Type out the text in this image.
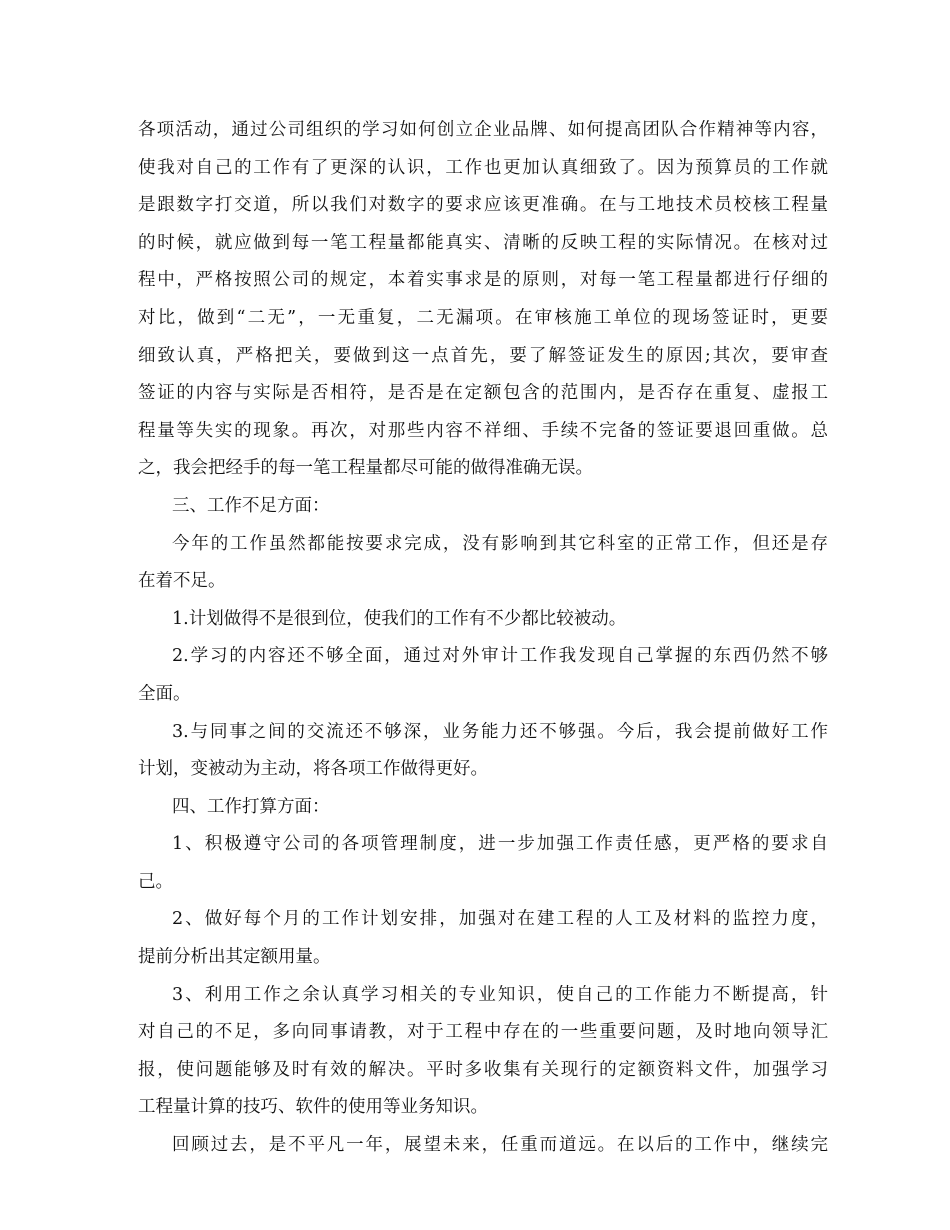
各项活动，通过公司组织的学习如何创立企业品牌、如何提高团队合作精神等内容，
使我对自己的工作有了更深的认识，工作也更加认真细致了。因为预算员的工作就
是跟数字打交道，所以我们对数字的要求应该更准确。在与工地技术员校核工程量
的时候，就应做到每一笔工程量都能真实、清晰的反映工程的实际情况。在核对过
程中，严格按照公司的规定，本着实事求是的原则，对每一笔工程量都进行仔细的
对比，做到“二无”，一无重复，二无漏项。在审核施工单位的现场签证时，更要
细致认真，严格把关，要做到这一点首先，要了解签证发生的原因;其次，要审查
签证的内容与实际是否相符，是否是在定额包含的范围内，是否存在重复、虚报工
程量等失实的现象。再次，对那些内容不祥细、手续不完备的签证要退回重做。总
之，我会把经手的每一笔工程量都尽可能的做得准确无误。
三、工作不足方面：
今年的工作虽然都能按要求完成，没有影响到其它科室的正常工作，但还是存
在着不足。
1.计划做得不是很到位，使我们的工作有不少都比较被动。
2.学习的内容还不够全面，通过对外审计工作我发现自己掌握的东西仍然不够
全面。
3.与同事之间的交流还不够深，业务能力还不够强。今后，我会提前做好工作
计划，变被动为主动，将各项工作做得更好。
四、工作打算方面：
1、积极遵守公司的各项管理制度，进一步加强工作责任感，更严格的要求自
己。
2、做好每个月的工作计划安排，加强对在建工程的人工及材料的监控力度，
提前分析出其定额用量。
3、利用工作之余认真学习相关的专业知识，使自己的工作能力不断提高，针
对自己的不足，多向同事请教，对于工程中存在的一些重要问题，及时地向领导汇
报，使问题能够及时有效的解决。平时多收集有关现行的定额资料文件，加强学习
工程量计算的技巧、软件的使用等业务知识。
回顾过去，是不平凡一年，展望未来，任重而道远。在以后的工作中，继续完
